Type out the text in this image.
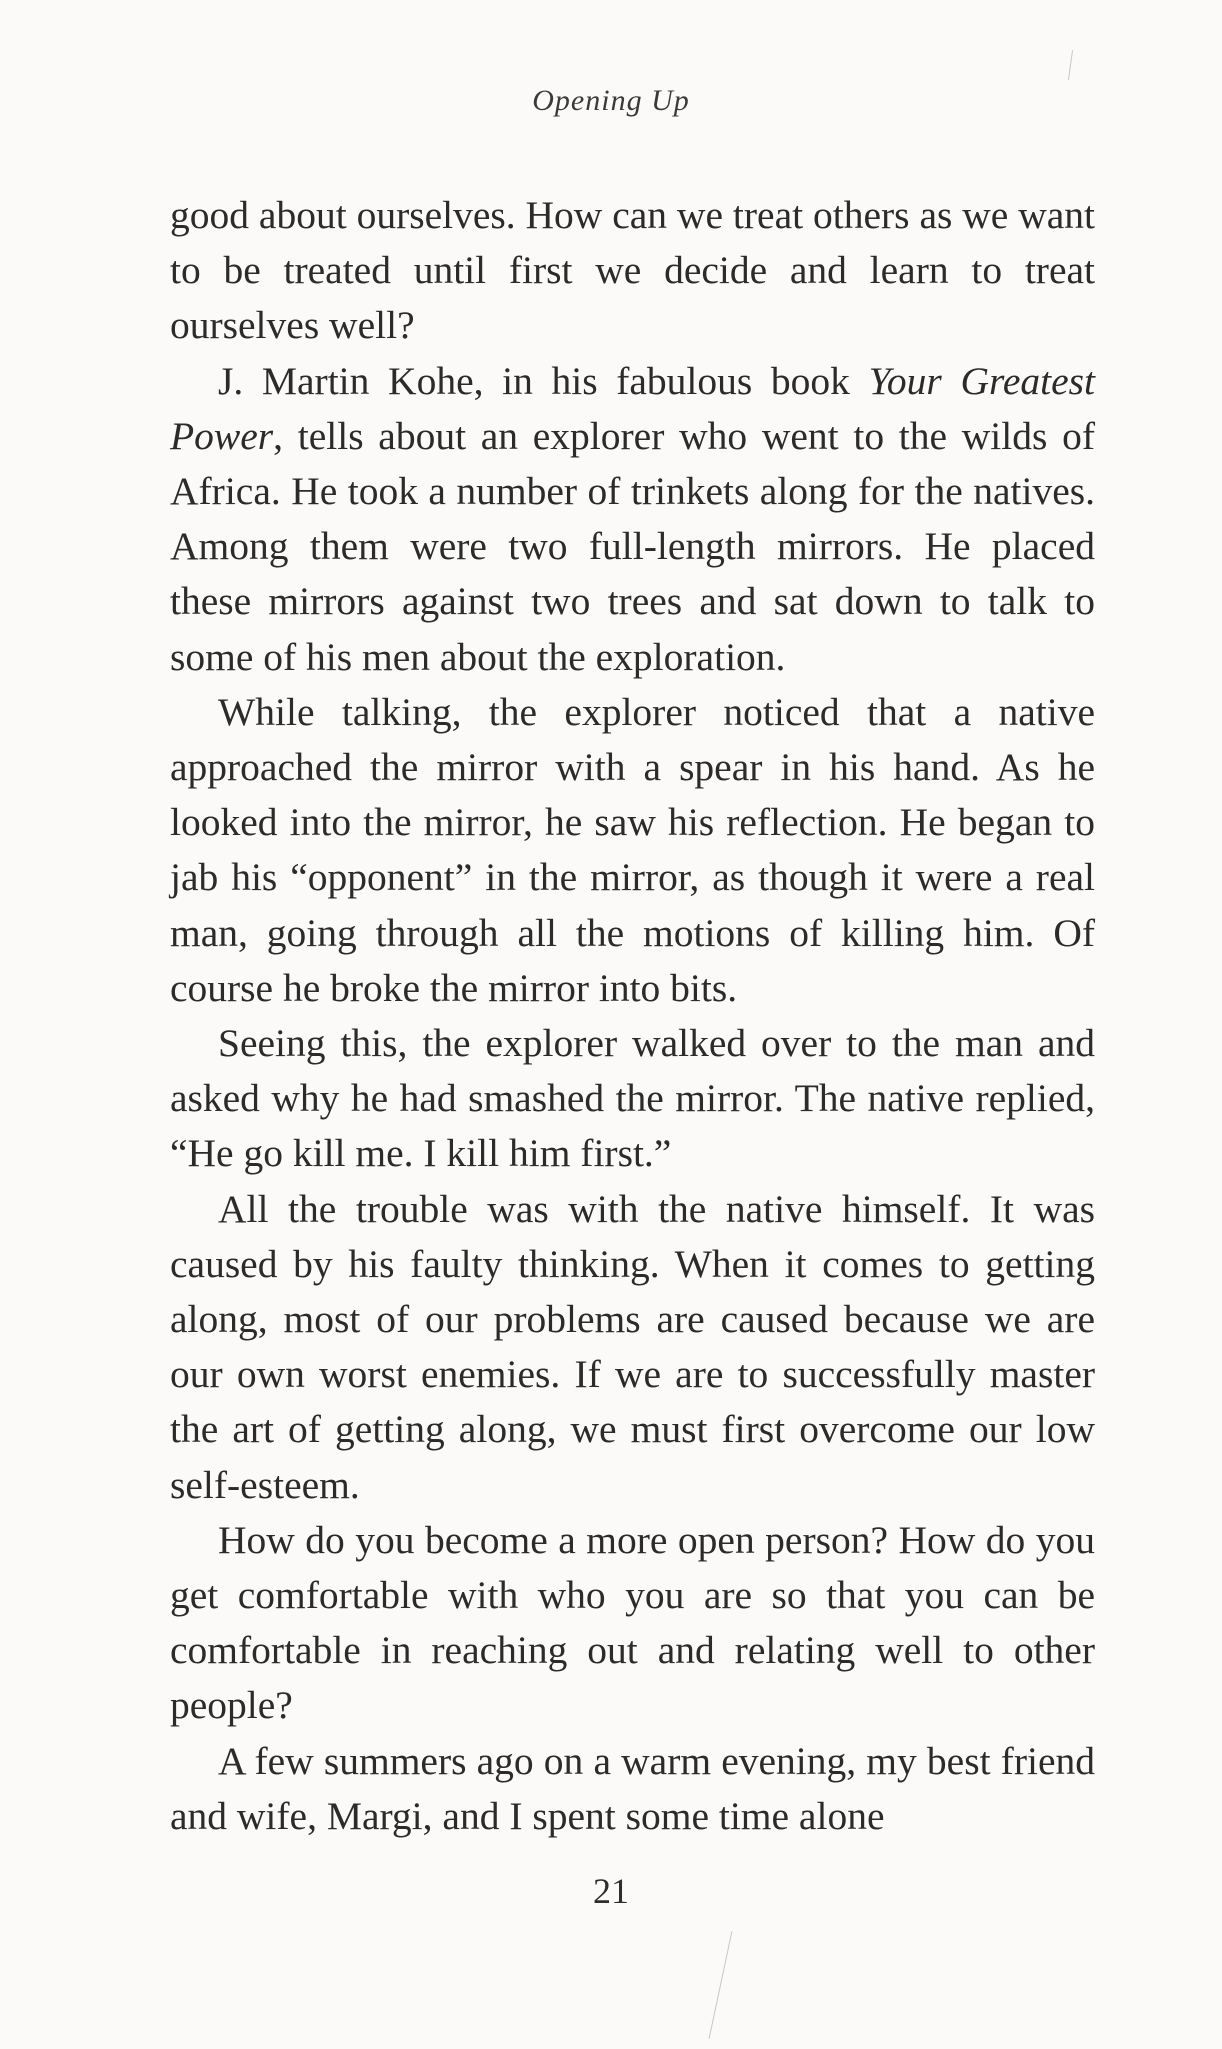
Opening Up

good about ourselves. How can we treat others as we want to be treated until first we decide and learn to treat ourselves well?

J. Martin Kohe, in his fabulous book Your Greatest Power, tells about an explorer who went to the wilds of Africa. He took a number of trinkets along for the natives. Among them were two full-length mirrors. He placed these mirrors against two trees and sat down to talk to some of his men about the exploration.

While talking, the explorer noticed that a native approached the mirror with a spear in his hand. As he looked into the mirror, he saw his reflection. He began to jab his “opponent” in the mirror, as though it were a real man, going through all the motions of killing him. Of course he broke the mirror into bits.

Seeing this, the explorer walked over to the man and asked why he had smashed the mirror. The native replied, “He go kill me. I kill him first.”

All the trouble was with the native himself. It was caused by his faulty thinking. When it comes to getting along, most of our problems are caused because we are our own worst enemies. If we are to successfully master the art of getting along, we must first overcome our low self-esteem.

How do you become a more open person? How do you get comfortable with who you are so that you can be comfortable in reaching out and relating well to other people?

A few summers ago on a warm evening, my best friend and wife, Margi, and I spent some time alone

21
